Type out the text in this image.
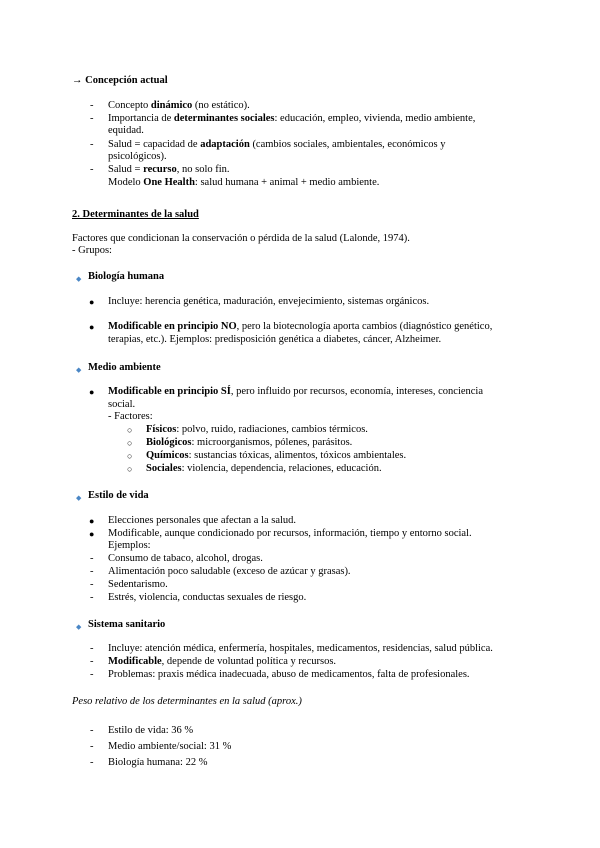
→ Concepción actual
- Concepto dinámico (no estático).
- Importancia de determinantes sociales: educación, empleo, vivienda, medio ambiente,
equidad.
- Salud = capacidad de adaptación (cambios sociales, ambientales, económicos y
psicológicos).
- Salud = recurso, no solo fin.
Modelo One Health: salud humana + animal + medio ambiente.
2. Determinantes de la salud
Factores que condicionan la conservación o pérdida de la salud (Lalonde, 1974).
- Grupos:
◆ Biología humana
● Incluye: herencia genética, maduración, envejecimiento, sistemas orgánicos.
● Modificable en principio NO, pero la biotecnología aporta cambios (diagnóstico genético,
terapias, etc.). Ejemplos: predisposición genética a diabetes, cáncer, Alzheimer.
◆ Medio ambiente
● Modificable en principio SÍ, pero influido por recursos, economía, intereses, conciencia
social.
- Factores:
○ Físicos: polvo, ruido, radiaciones, cambios térmicos.
○ Biológicos: microorganismos, pólenes, parásitos.
○ Químicos: sustancias tóxicas, alimentos, tóxicos ambientales.
○ Sociales: violencia, dependencia, relaciones, educación.
◆ Estilo de vida
● Elecciones personales que afectan a la salud.
● Modificable, aunque condicionado por recursos, información, tiempo y entorno social.
Ejemplos:
- Consumo de tabaco, alcohol, drogas.
- Alimentación poco saludable (exceso de azúcar y grasas).
- Sedentarismo.
- Estrés, violencia, conductas sexuales de riesgo.
◆ Sistema sanitario
- Incluye: atención médica, enfermería, hospitales, medicamentos, residencias, salud pública.
- Modificable, depende de voluntad política y recursos.
- Problemas: praxis médica inadecuada, abuso de medicamentos, falta de profesionales.
Peso relativo de los determinantes en la salud (aprox.)
- Estilo de vida: 36 %
- Medio ambiente/social: 31 %
- Biología humana: 22 %
